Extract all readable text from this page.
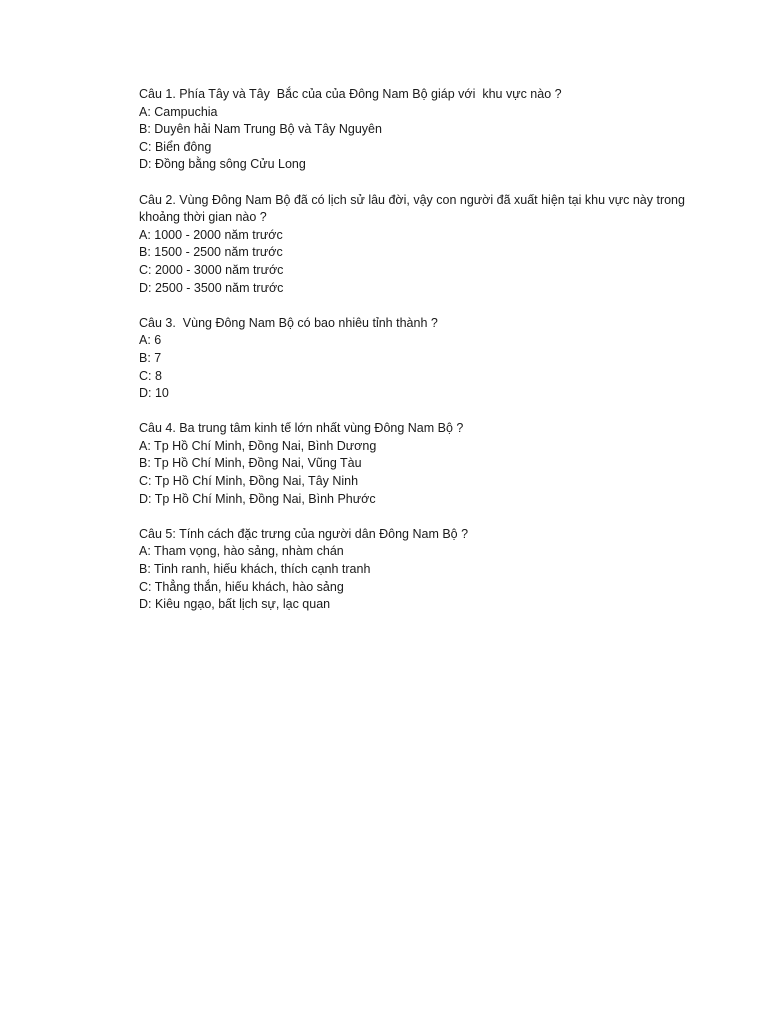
Câu 1. Phía Tây và Tây  Bắc của của Đông Nam Bộ giáp với  khu vực nào ?

A: Campuchia

B: Duyên hải Nam Trung Bộ và Tây Nguyên

C: Biển đông

D: Đồng bằng sông Cửu Long

Câu 2. Vùng Đông Nam Bộ đã có lịch sử lâu đời, vậy con người đã xuất hiện tại khu vực này trong khoảng thời gian nào ?

A: 1000 - 2000 năm trước

B: 1500 - 2500 năm trước

C: 2000 - 3000 năm trước

D: 2500 - 3500 năm trước

Câu 3.  Vùng Đông Nam Bộ có bao nhiêu tỉnh thành ?

A: 6

B: 7

C: 8

D: 10

Câu 4. Ba trung tâm kinh tế lớn nhất vùng Đông Nam Bộ ?

A: Tp Hồ Chí Minh, Đồng Nai, Bình Dương

B: Tp Hồ Chí Minh, Đồng Nai, Vũng Tàu

C: Tp Hồ Chí Minh, Đồng Nai, Tây Ninh

D: Tp Hồ Chí Minh, Đồng Nai, Bình Phước

Câu 5: Tính cách đặc trưng của người dân Đông Nam Bộ ?

A: Tham vọng, hào sảng, nhàm chán

B: Tinh ranh, hiếu khách, thích cạnh tranh

C: Thẳng thắn, hiếu khách, hào sảng

D: Kiêu ngạo, bất lịch sự, lạc quan
